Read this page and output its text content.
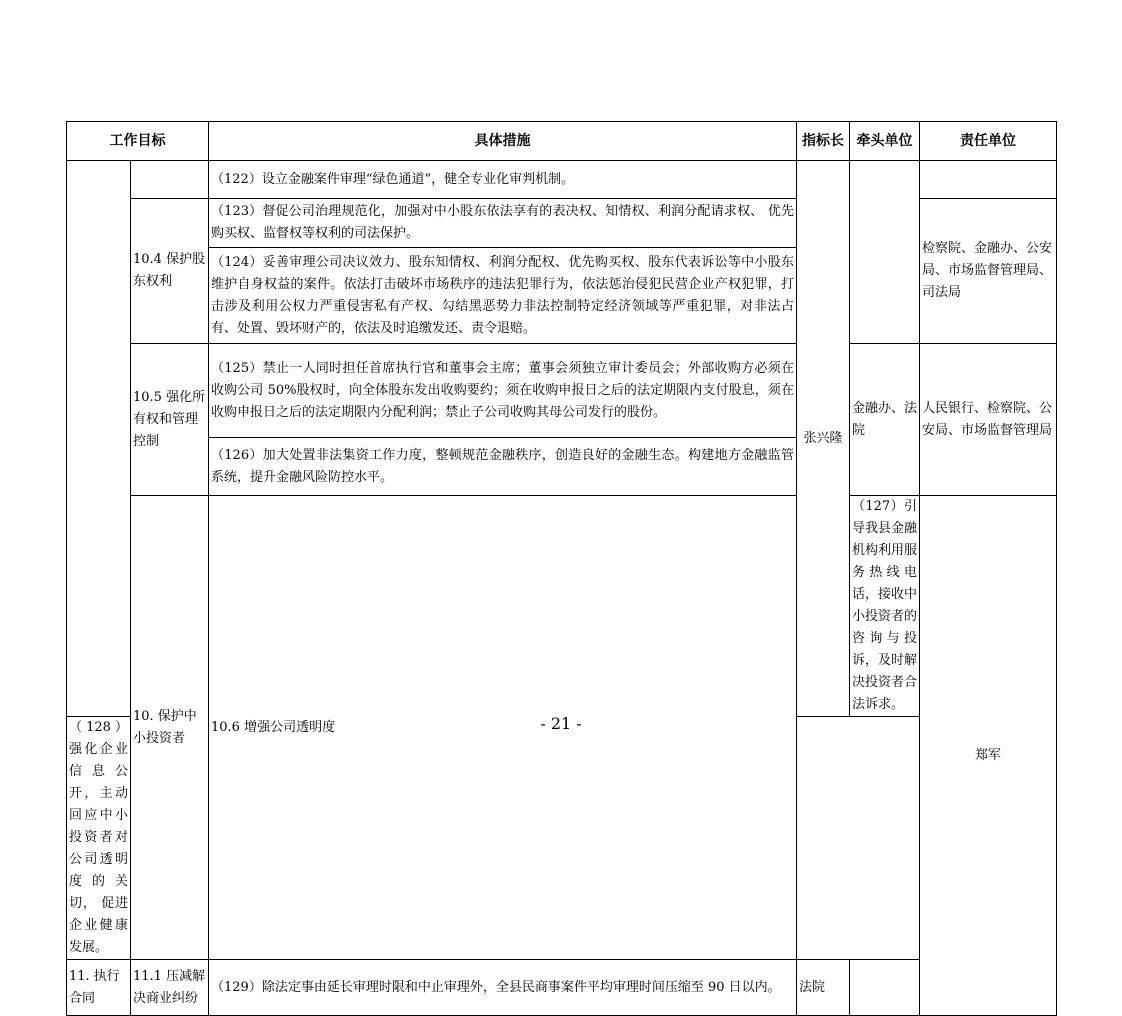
工作目标		具体措施	指标长	牵头单位	责任单位	
		（122）设立金融案件审理“绿色通道”，健全专业化审判机制。	张兴隆			
	10.4 保护股东权利	（123）督促公司治理规范化，加强对中小股东依法享有的表决权、知情权、利润分配请求权、 优先购买权、监督权等权利的司法保护。			检察院、金融办、公安局、市场监督管理局、司法局	
		（124）妥善审理公司决议效力、股东知情权、利润分配权、优先购买权、股东代表诉讼等中小股东维护自身权益的案件。依法打击破坏市场秩序的违法犯罪行为，依法惩治侵犯民营企业产权犯罪，打击涉及利用公权力严重侵害私有产权、勾结黑恶势力非法控制特定经济领域等严重犯罪，对非法占有、处置、毁坏财产的，依法及时追缴发还、责令退赔。				
	10.5 强化所有权和管理控制	（125）禁止一人同时担任首席执行官和董事会主席；董事会须独立审计委员会；外部收购方必须在收购公司 50%股权时，向全体股东发出收购要约；须在收购申报日之后的法定期限内支付股息，须在收购申报日之后的法定期限内分配利润；禁止子公司收购其母公司发行的股份。		金融办、法院	人民银行、检察院、公安局、市场监督管理局	
		（126）加大处置非法集资工作力度，整顿规范金融秩序，创造良好的金融生态。构建地方金融监管系统，提升金融风险防控水平。				
	10. 保护中小投资者	10.6 增强公司透明度		（127）引导我县金融机构利用服务热线电话，接收中小投资者的咨询与投诉，及时解决投资者合法诉求。	郑军		
（128）强化企业信息公开，主动回应中小投资者对公司透明度的关切， 促进企业健康发展。						
11. 执行合同	11.1 压减解决商业纠纷	（129）除法定事由延长审理时限和中止审理外，全县民商事案件平均审理时间压缩至 90 日以内。	法院			
- 21 -
